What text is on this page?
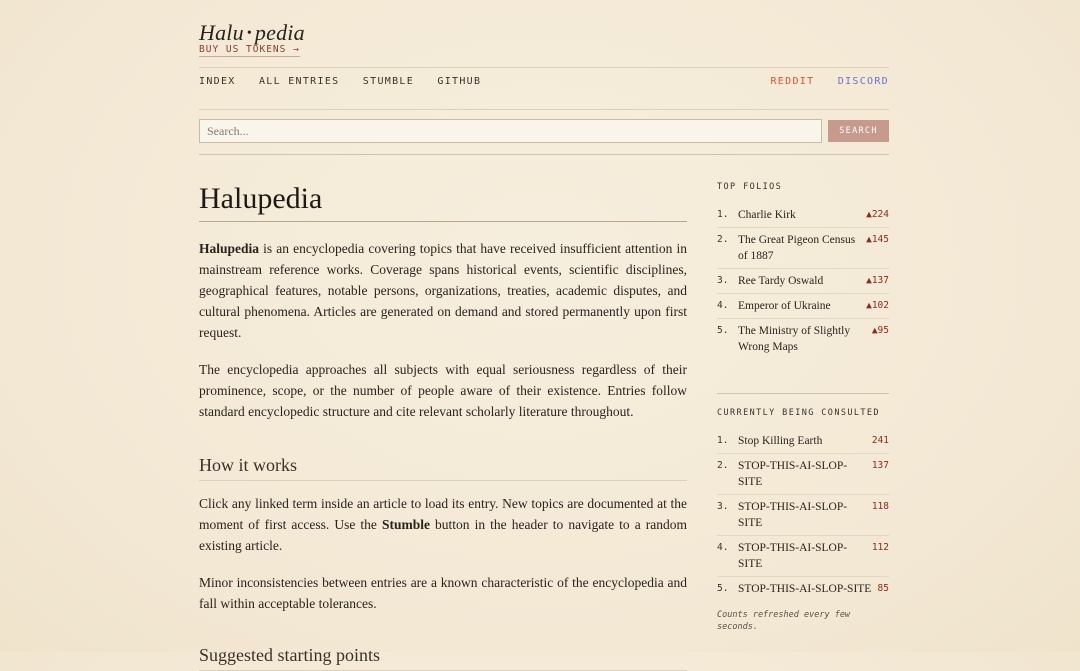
Halu • pedia
BUY US TOKENS →
INDEX ALL ENTRIES STUMBLE GITHUB	REDDIT DISCORD
Search...
SEARCH
Halupedia

Halupedia is an encyclopedia covering topics that have received insufficient attention in mainstream reference works. Coverage spans historical events, scientific disciplines, geographical features, notable persons, organizations, treaties, academic disputes, and cultural phenomena. Articles are generated on demand and stored permanently upon first request.

The encyclopedia approaches all subjects with equal seriousness regardless of their prominence, scope, or the number of people aware of their existence. Entries follow standard encyclopedic structure and cite relevant scholarly literature throughout.

How it works

Click any linked term inside an article to load its entry. New topics are documented at the moment of first access. Use the Stumble button in the header to navigate to a random existing article.

Minor inconsistencies between entries are a known characteristic of the encyclopedia and fall within acceptable tolerances.

Suggested starting points
TOP FOLIOS
1. Charlie Kirk	▲224
2. The Great Pigeon Census of 1887
▲145
3. Ree Tardy Oswald	▲137
4. Emperor of Ukraine	▲102
5. The Ministry of Slightly Wrong Maps
▲95
CURRENTLY BEING CONSULTED
1. Stop Killing Earth	241
2. STOP-THIS-AI-SLOP-SITE
137
3. STOP-THIS-AI-SLOP-SITE
118
4. STOP-THIS-AI-SLOP-SITE
112
5. STOP-THIS-AI-SLOP-SITE 85
Counts refreshed every few seconds.
